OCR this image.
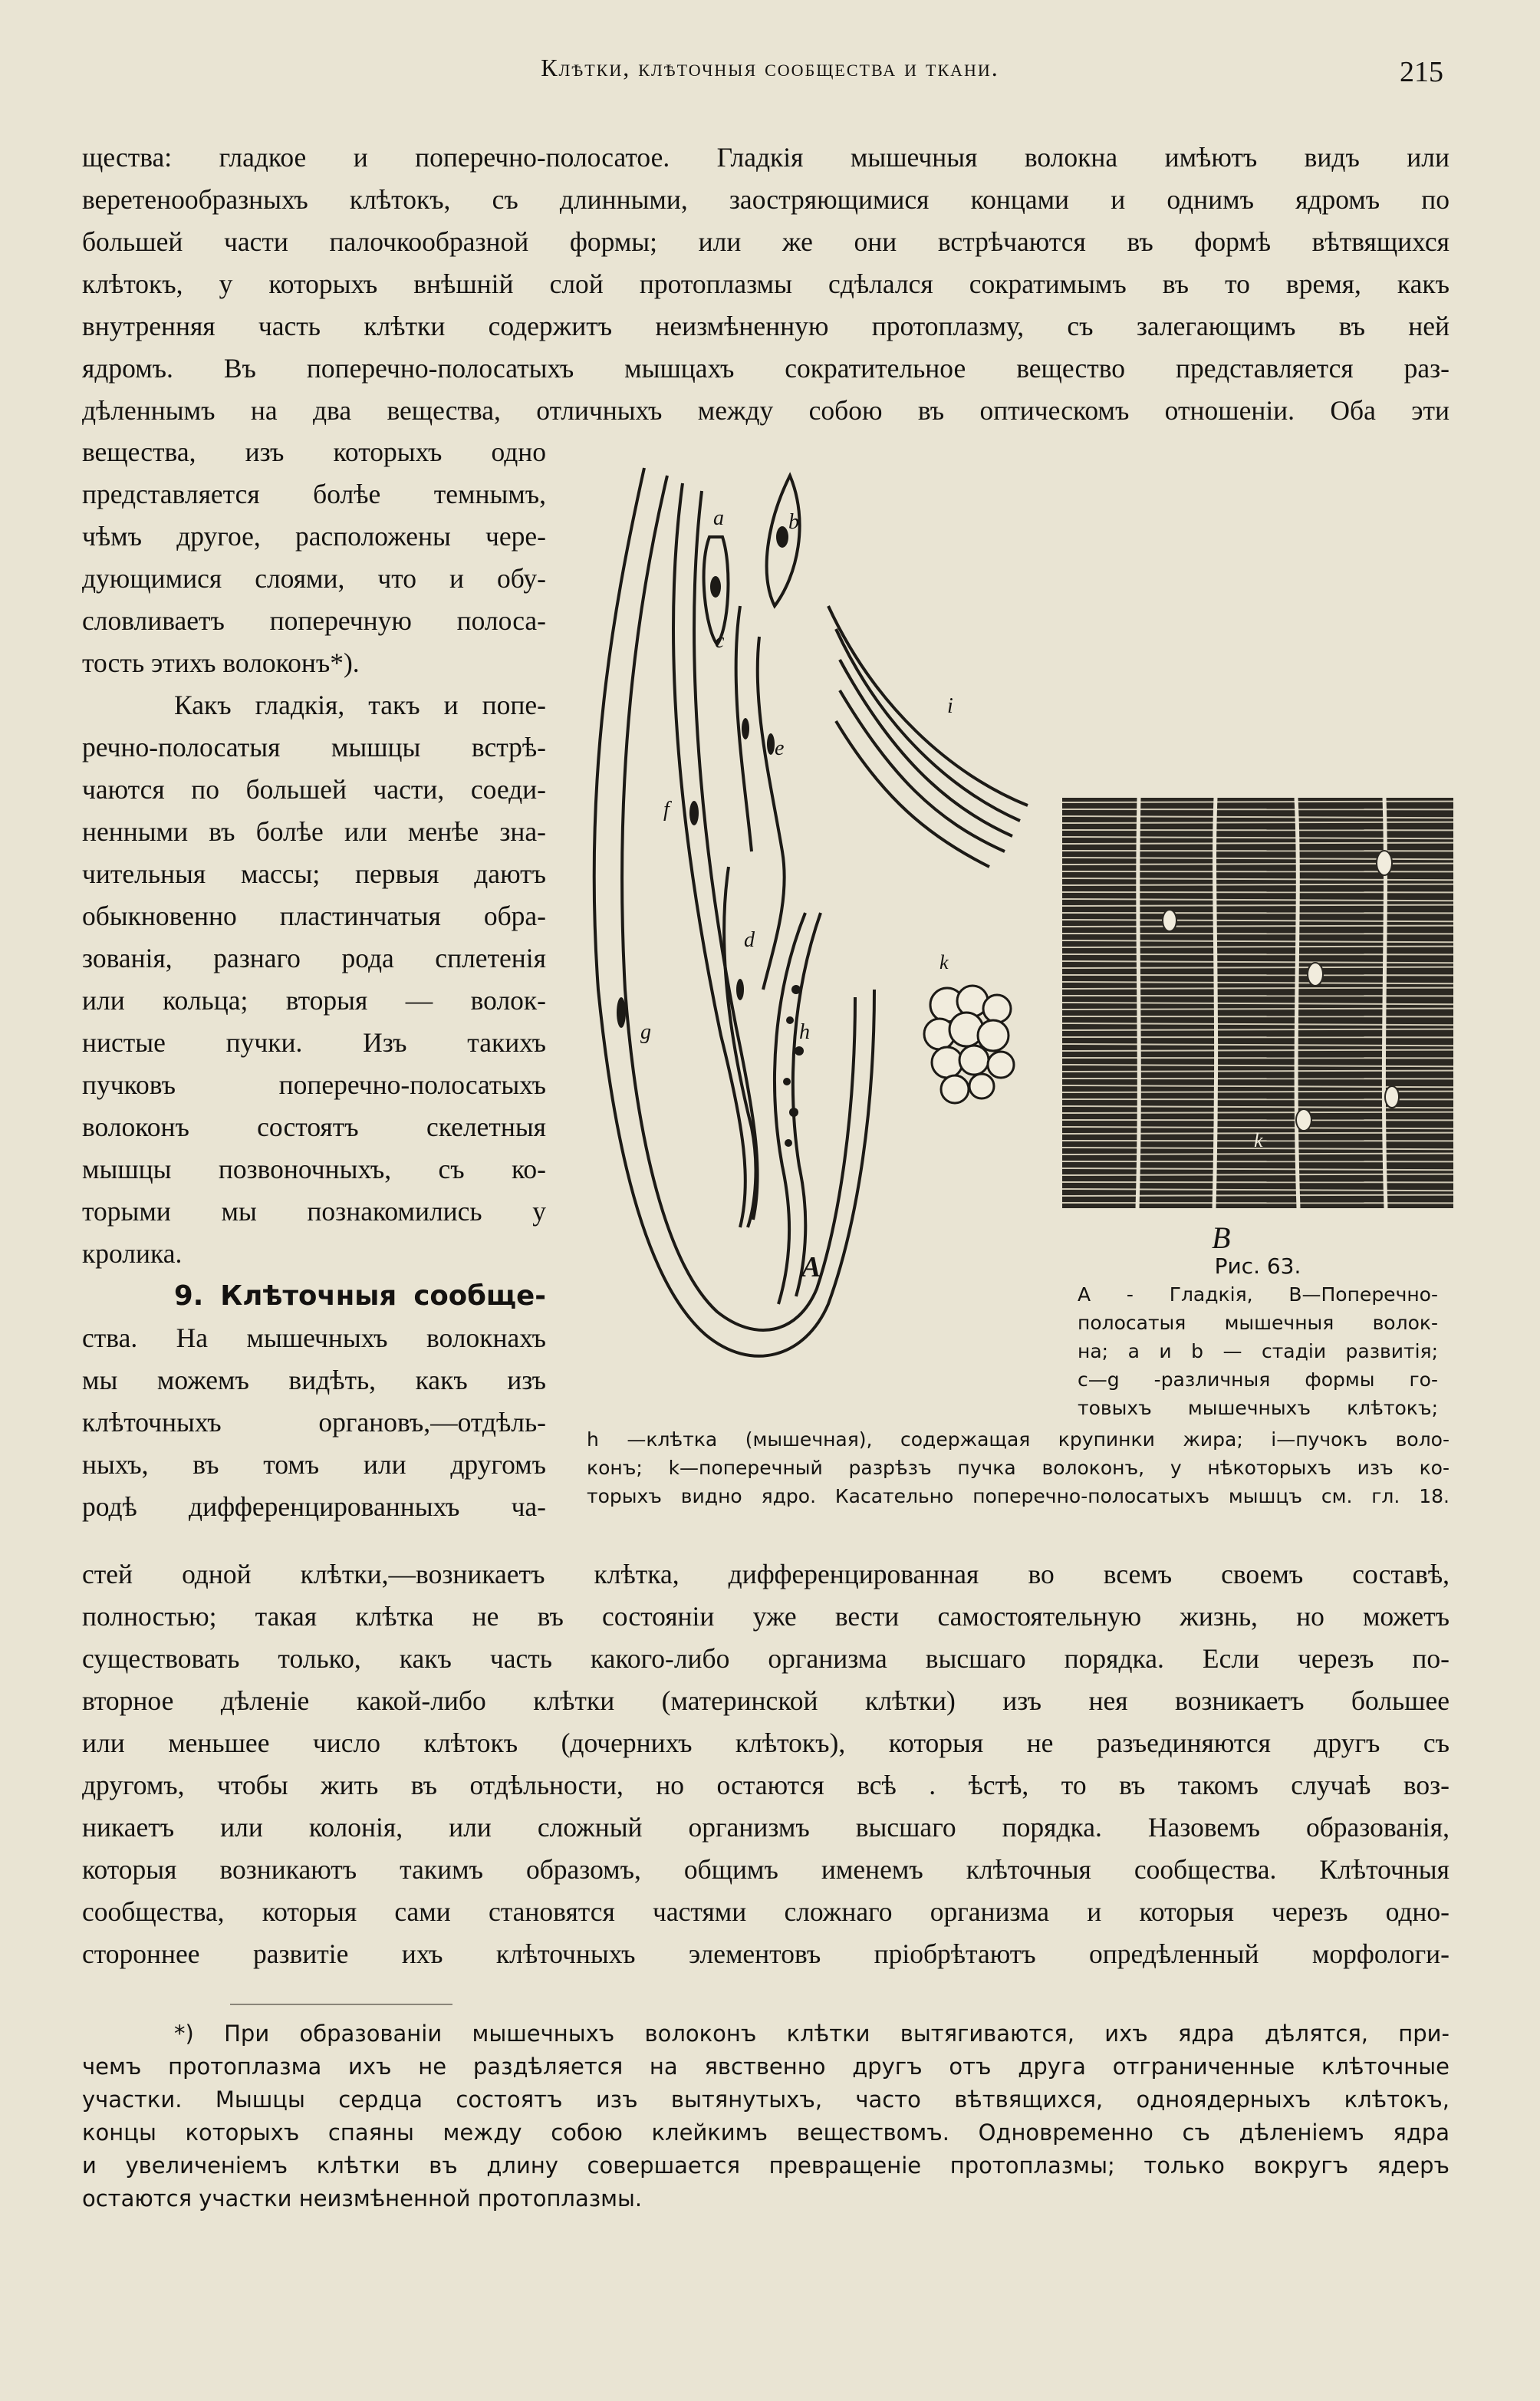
Клѣтки, клѣточныя сообщества и ткани.	215
щества: гладкое и поперечно-полосатое. Гладкія мышечныя волокна имѣютъ видъ или
веретенообразныхъ клѣтокъ, съ длинными, заостряющимися концами и однимъ ядромъ по
большей части палочкообразной формы; или же они встрѣчаются въ формѣ вѣтвящихся
клѣтокъ, у которыхъ внѣшній слой протоплазмы сдѣлался сократимымъ въ то время, какъ
внутренняя часть клѣтки содержитъ неизмѣненную протоплазму, съ залегающимъ въ ней
ядромъ. Въ поперечно-полосатыхъ мышцахъ сократительное вещество представляется раз-
дѣленнымъ на два вещества, отличныхъ между собою въ оптическомъ отношеніи. Оба эти
вещества, изъ которыхъ одно
представляется болѣе темнымъ,
чѣмъ другое, расположены чере-
дующимися слоями, что и обу-
словливаетъ поперечную полоса-
тость этихъ волоконъ*).
Какъ гладкія, такъ и попе-
речно-полосатыя мышцы встрѣ-
чаются по большей части, соеди-
ненными въ болѣе или менѣе зна-
чительныя массы; первыя даютъ
обыкновенно пластинчатыя обра-
зованія, разнаго рода сплетенія
или кольца; вторыя — волок-
нистые пучки. Изъ такихъ
пучковъ поперечно-полосатыхъ
волоконъ состоятъ скелетныя
мышцы позвоночныхъ, съ ко-
торыми мы познакомились у
кролика.
9. Клѣточныя сообще-
ства. На мышечныхъ волокнахъ
мы можемъ видѣть, какъ изъ
клѣточныхъ органовъ,—отдѣль-
ныхъ, въ томъ или другомъ
родѣ дифференцированныхъ ча-
A
a	b
c
e
f
d
g	h
i
k
k
B
Рис. 63.
A - Гладкія, B—Поперечно-
полосатыя мышечныя волок-
на; a и b — стадіи развитія;
c—g -различныя формы го-
товыхъ мышечныхъ клѣтокъ;
h —клѣтка (мышечная), содержащая крупинки жира; i—пучокъ воло-
конъ; k—поперечный разрѣзъ пучка волоконъ, у нѣкоторыхъ изъ ко-
торыхъ видно ядро. Касательно поперечно-полосатыхъ мышцъ см. гл. 18.
стей одной клѣтки,—возникаетъ клѣтка, дифференцированная во всемъ своемъ составѣ,
полностью; такая клѣтка не въ состояніи уже вести самостоятельную жизнь, но можетъ
существовать только, какъ часть какого-либо организма высшаго порядка. Если черезъ по-
вторное дѣленіе какой-либо клѣтки (материнской клѣтки) изъ нея возникаетъ большее
или меньшее число клѣтокъ (дочернихъ клѣтокъ), которыя не разъединяются другъ съ
другомъ, чтобы жить въ отдѣльности, но остаются всѣ . ѣстѣ, то въ такомъ случаѣ воз-
никаетъ или колонія, или сложный организмъ высшаго порядка. Назовемъ образованія,
которыя возникаютъ такимъ образомъ, общимъ именемъ клѣточныя сообщества. Клѣточныя
сообщества, которыя сами становятся частями сложнаго организма и которыя черезъ одно-
стороннее развитіе ихъ клѣточныхъ элементовъ пріобрѣтаютъ опредѣленный морфологи-
*) При образованіи мышечныхъ волоконъ клѣтки вытягиваются, ихъ ядра дѣлятся, при-
чемъ протоплазма ихъ не раздѣляется на явственно другъ отъ друга отграниченные клѣточные
участки. Мышцы сердца состоятъ изъ вытянутыхъ, часто вѣтвящихся, одноядерныхъ клѣтокъ,
концы которыхъ спаяны между собою клейкимъ веществомъ. Одновременно съ дѣленіемъ ядра
и увеличеніемъ клѣтки въ длину совершается превращеніе протоплазмы; только вокругъ ядеръ
остаются участки неизмѣненной протоплазмы.
